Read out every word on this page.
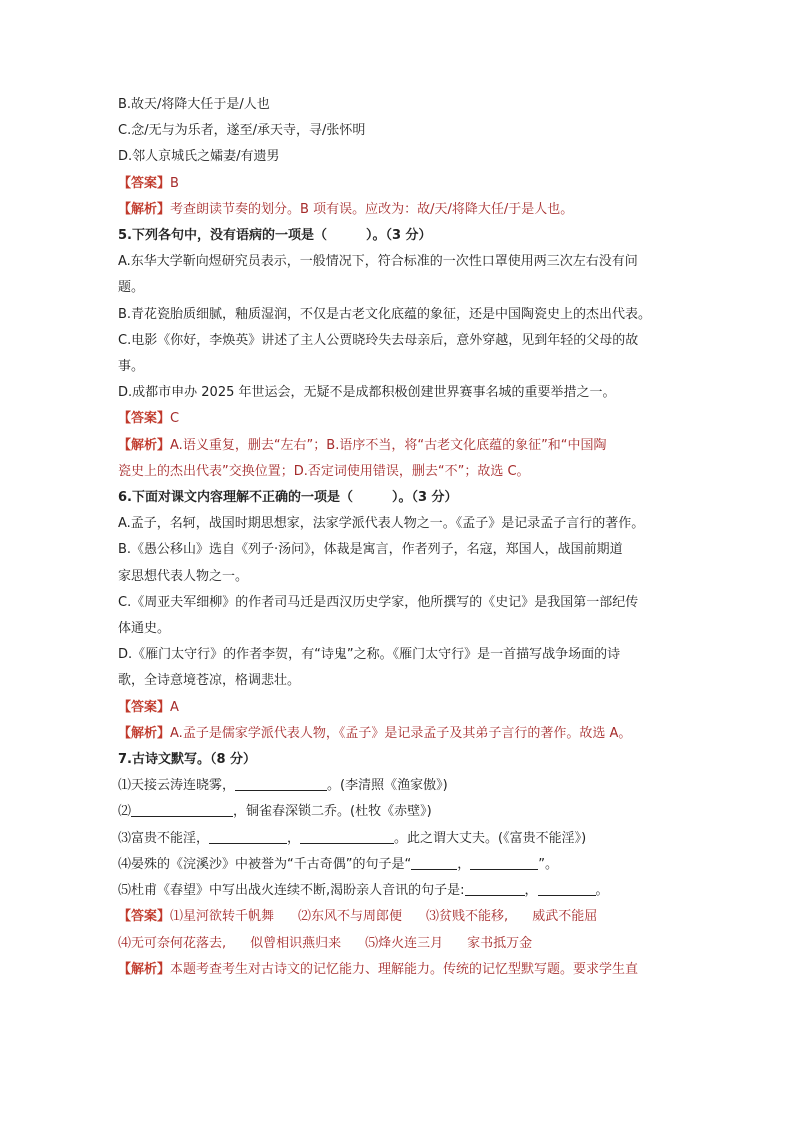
B.故天/将降大任于是/人也
C.念/无与为乐者，遂至/承天寺，寻/张怀明
D.邻人京城氏之孀妻/有遗男
【答案】B
【解析】考查朗读节奏的划分。B 项有误。应改为：故/天/将降大任/于是人也。
5.下列各句中，没有语病的一项是（　　　）。（3 分）
A.东华大学靳向煜研究员表示，一般情况下，符合标准的一次性口罩使用两三次左右没有问
题。
B.青花瓷胎质细腻，釉质湿润，不仅是古老文化底蕴的象征，还是中国陶瓷史上的杰出代表。
C.电影《你好，李焕英》讲述了主人公贾晓玲失去母亲后，意外穿越，见到年轻的父母的故
事。
D.成都市申办 2025 年世运会，无疑不是成都积极创建世界赛事名城的重要举措之一。
【答案】C
【解析】A.语义重复，删去“左右”；B.语序不当，将“古老文化底蕴的象征”和“中国陶
瓷史上的杰出代表”交换位置；D.否定词使用错误，删去“不”；故选 C。
6.下面对课文内容理解不正确的一项是（　　　）。（3 分）
A.孟子，名轲，战国时期思想家，法家学派代表人物之一。《孟子》是记录孟子言行的著作。
B.《愚公移山》选自《列子·汤问》，体裁是寓言，作者列子，名寇，郑国人，战国前期道
家思想代表人物之一。
C.《周亚夫军细柳》的作者司马迁是西汉历史学家，他所撰写的《史记》是我国第一部纪传
体通史。
D.《雁门太守行》的作者李贺，有“诗鬼”之称。《雁门太守行》是一首描写战争场面的诗
歌，全诗意境苍凉，格调悲壮。
【答案】A
【解析】A.孟子是儒家学派代表人物，《孟子》是记录孟子及其弟子言行的著作。故选 A。
7.古诗文默写。（8 分）
⑴天接云涛连晓雾，	。(李清照《渔家傲》)
⑵	，铜雀春深锁二乔。(杜牧《赤壁》)
⑶富贵不能淫，	，	。此之谓大丈夫。(《富贵不能淫》)
⑷晏殊的《浣溪沙》中被誉为“千古奇偶”的句子是“	，	”。
⑸杜甫《春望》中写出战火连续不断,渴盼亲人音讯的句子是:	，	。
【答案】⑴星河欲转千帆舞 ⑵东风不与周郎便 ⑶贫贱不能移, 威武不能屈
⑷无可奈何花落去, 似曾相识燕归来 ⑸烽火连三月 家书抵万金
【解析】本题考查考生对古诗文的记忆能力、理解能力。传统的记忆型默写题。要求学生直
